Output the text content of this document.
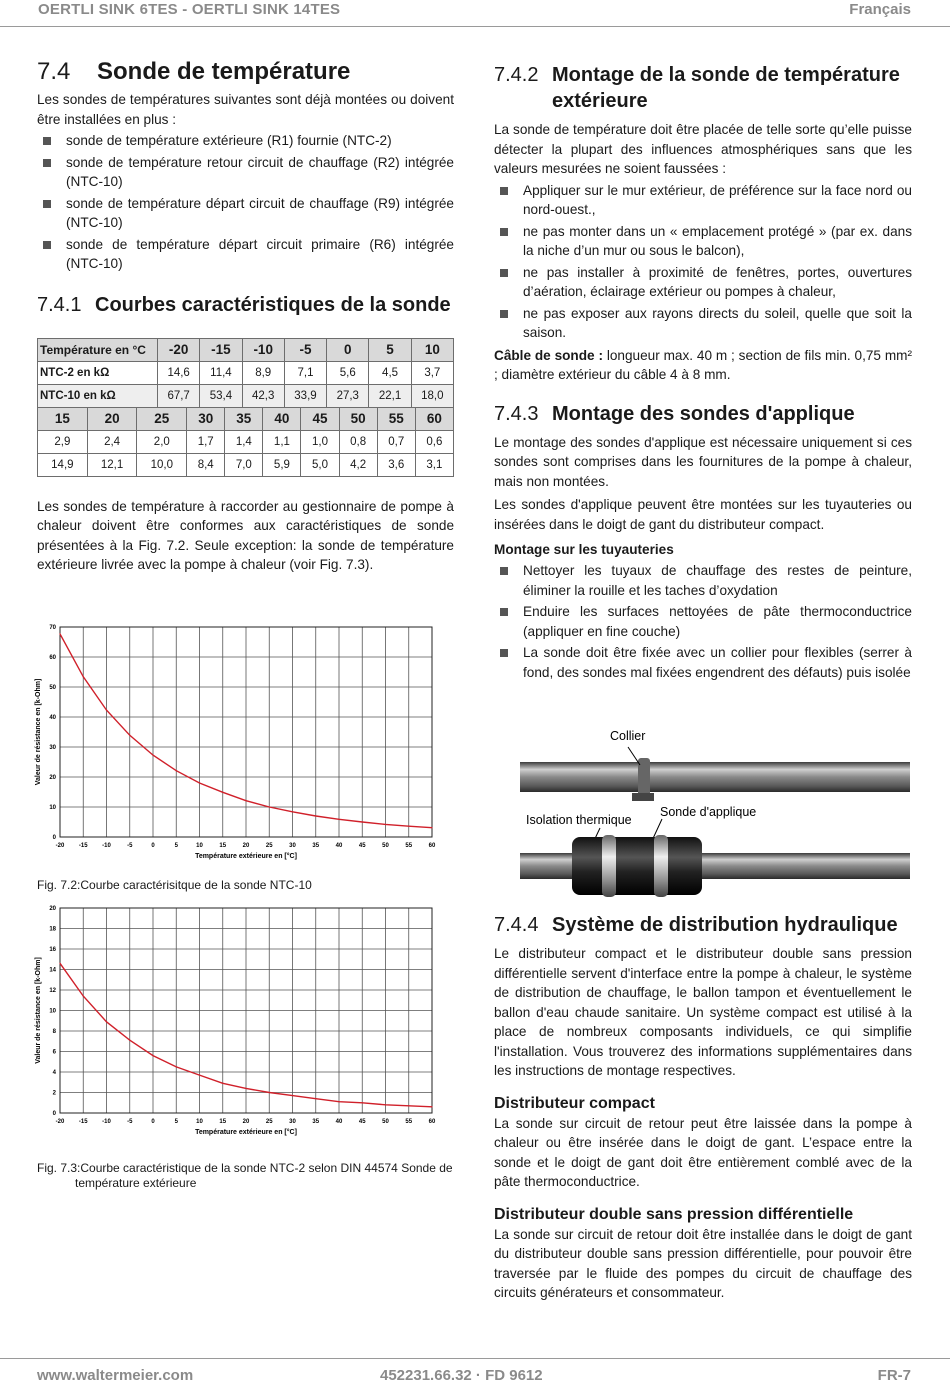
OERTLI SINK 6TES - OERTLI SINK 14TES	Français
7.4 Sonde de température

Les sondes de températures suivantes sont déjà montées ou doivent être installées en plus :

sonde de température extérieure (R1) fournie (NTC-2)
sonde de température retour circuit de chauffage (R2) intégrée (NTC-10)
sonde de température départ circuit de chauffage (R9) intégrée (NTC-10)
sonde de température départ circuit primaire (R6) intégrée (NTC-10)
7.4.1 Courbes caractéristiques de la sonde
Température en °C	-20	-15	-10	-5	0	5	10
NTC-2 en kΩ	14,6	11,4	8,9	7,1	5,6	4,5	3,7
NTC-10 en kΩ	67,7	53,4	42,3	33,9	27,3	22,1	18,0
15	20	25	30	35	40	45	50	55	60
2,9	2,4	2,0	1,7	1,4	1,1	1,0	0,8	0,7	0,6
14,9	12,1	10,0	8,4	7,0	5,9	5,0	4,2	3,6	3,1

Les sondes de température à raccorder au gestionnaire de pompe à chaleur doivent être conformes aux caractéristiques de sonde présentées à la Fig. 7.2. Seule exception: la sonde de température extérieure livrée avec la pompe à chaleur (voir Fig. 7.3).

-20 -15 -10	-5	0	5	10	15	20	25	30	35	40	45	50	55	60
0
10
20
30
40
50
60
70
Température extérieure en [°C]
Valeur de résistance en [k-Ohm]
Fig. 7.2:Courbe caractérisitque de la sonde NTC-10
-20 -15 -10	-5	0	5	10	15	20	25	30	35	40	45	50	55	60
0
2
4
6
8
10
12
14
16
18
20
Température extérieure en [°C]
Valeur de résistance en [k-Ohm]
Fig. 7.3:Courbe caractéristique de la sonde NTC-2 selon DIN 44574 Sonde de température extérieure
7.4.2 Montage de la sonde de température extérieure

La sonde de température doit être placée de telle sorte qu’elle puisse détecter la plupart des influences atmosphériques sans que les valeurs mesurées ne soient faussées :

Appliquer sur le mur extérieur, de préférence sur la face nord ou nord-ouest.,
ne pas monter dans un « emplacement protégé » (par ex. dans la niche d’un mur ou sous le balcon),
ne pas installer à proximité de fenêtres, portes, ouvertures d’aération, éclairage extérieur ou pompes à chaleur,
ne pas exposer aux rayons directs du soleil, quelle que soit la saison.

Câble de sonde : longueur max. 40 m ; section de fils min. 0,75 mm² ; diamètre extérieur du câble 4 à 8 mm.

7.4.3 Montage des sondes d'applique

Le montage des sondes d'applique est nécessaire uniquement si ces sondes sont comprises dans les fournitures de la pompe à chaleur, mais non montées.

Les sondes d'applique peuvent être montées sur les tuyauteries ou insérées dans le doigt de gant du distributeur compact.

Montage sur les tuyauteries
Nettoyer les tuyaux de chauffage des restes de peinture, éliminer la rouille et les taches d’oxydation
Enduire les surfaces nettoyées de pâte thermoconductrice (appliquer en fine couche)
La sonde doit être fixée avec un collier pour flexibles (serrer à fond, des sondes mal fixées engendrent des défauts) puis isolée
Collier
Isolation thermique
Sonde d'applique
7.4.4 Système de distribution hydraulique

Le distributeur compact et le distributeur double sans pression différentielle servent d'interface entre la pompe à chaleur, le système de distribution de chauffage, le ballon tampon et éventuellement le ballon d'eau chaude sanitaire. Un système compact est utilisé à la place de nombreux composants individuels, ce qui simplifie l'installation. Vous trouverez des informations supplémentaires dans les instructions de montage respectives.

Distributeur compact

La sonde sur circuit de retour peut être laissée dans la pompe à chaleur ou être insérée dans le doigt de gant. L’espace entre la sonde et le doigt de gant doit être entièrement comblé avec de la pâte thermoconductrice.

Distributeur double sans pression différentielle

La sonde sur circuit de retour doit être installée dans le doigt de gant du distributeur double sans pression différentielle, pour pouvoir être traversée par le fluide des pompes du circuit de chauffage des circuits générateurs et consommateur.

www.waltermeier.com	452231.66.32 · FD 9612	FR-7
